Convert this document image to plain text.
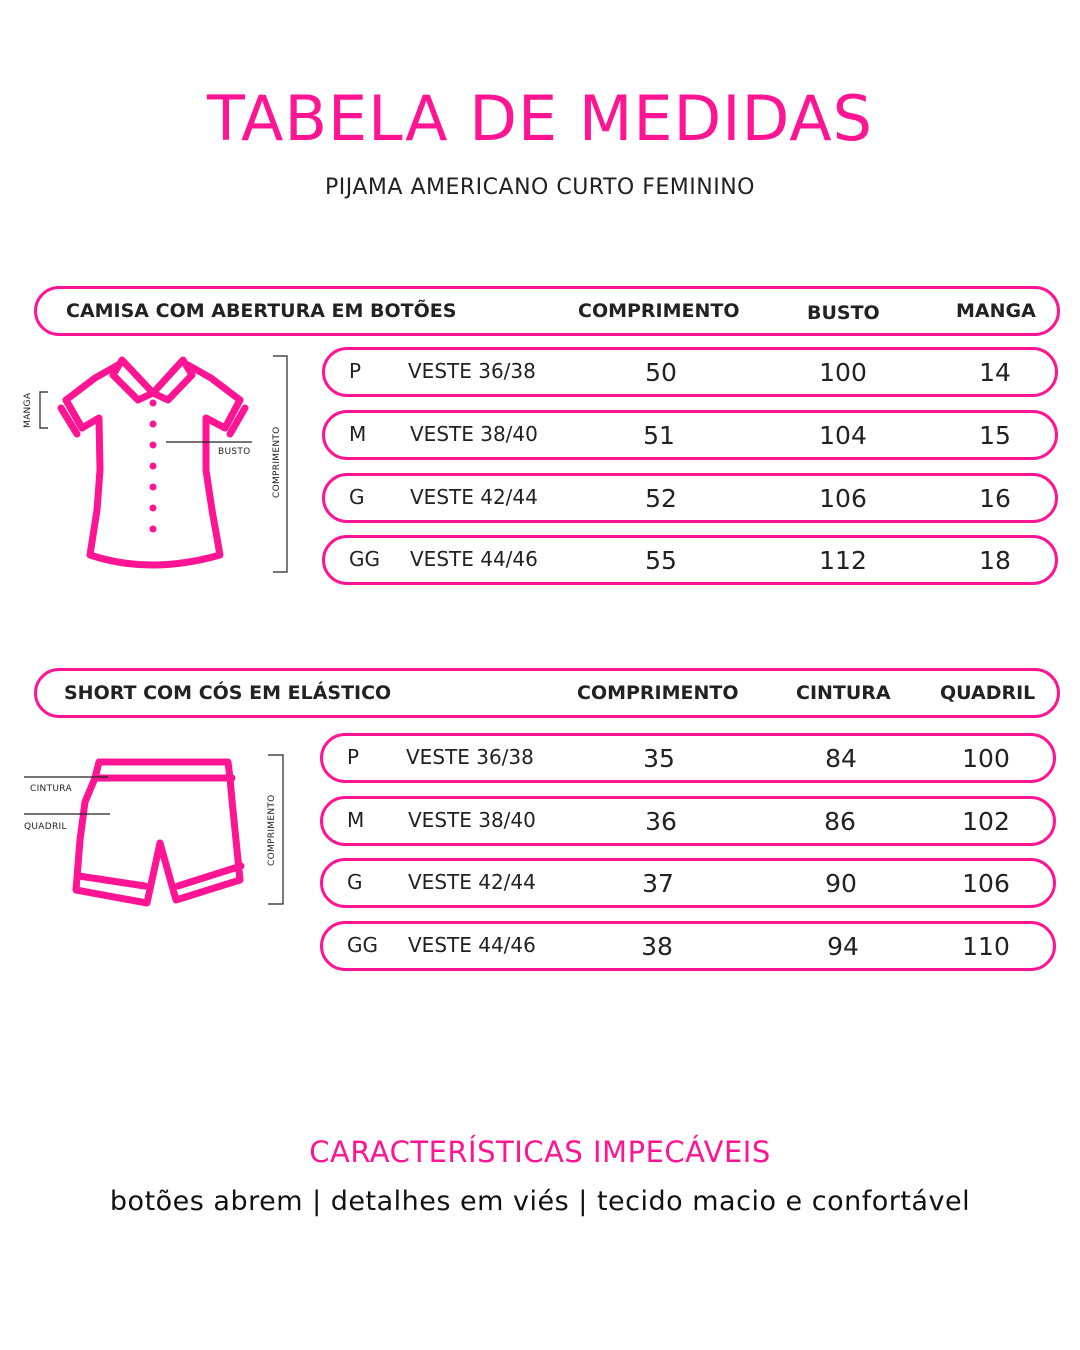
TABELA DE MEDIDAS
PIJAMA AMERICANO CURTO FEMININO
CAMISA COM ABERTURA EM BOTÕES	COMPRIMENTO	BUSTO	MANGA
P VESTE 36/38	50	100	14
M VESTE 38/40	51	104	15
G VESTE 42/44	52	106	16
GG VESTE 44/46	55	112	18
MANGA
BUSTO COMPRIMENTO
SHORT COM CÓS EM ELÁSTICO	COMPRIMENTO	CINTURA	QUADRIL
P VESTE 36/38	35	84	100
M VESTE 38/40	36	86	102
G VESTE 42/44	37	90	106
GG VESTE 44/46	38	94	110
CINTURA
QUADRIL	COMPRIMENTO
CARACTERÍSTICAS IMPECÁVEIS
botões abrem | detalhes em viés | tecido macio e confortável
